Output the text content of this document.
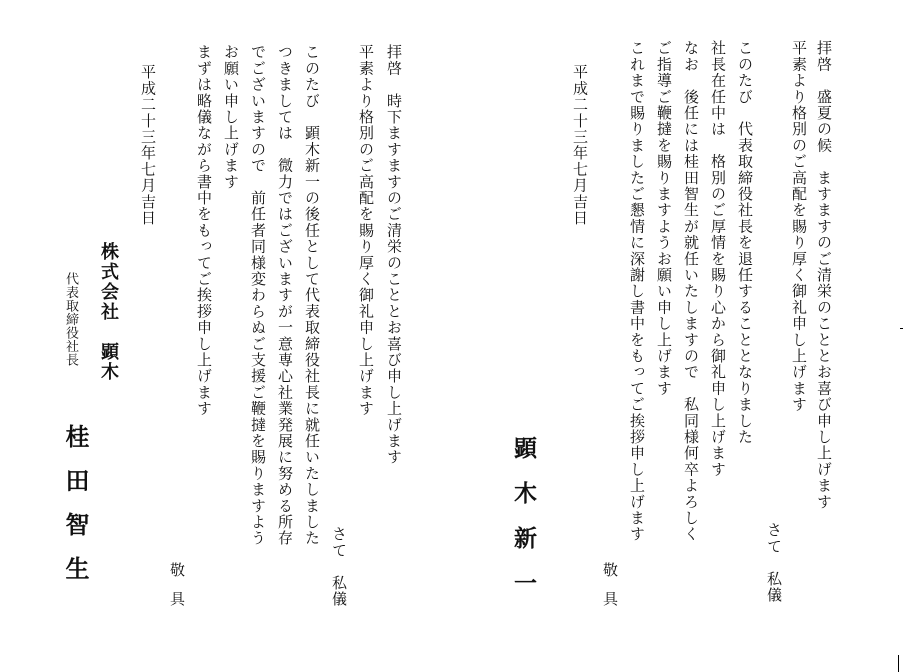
拝啓　盛夏の候　ますますのご清栄のこととお喜び申し上げます
平素より格別のご高配を賜り厚く御礼申し上げます
さて　私儀
このたび　代表取締役社長を退任することとなりました
社長在任中は　格別のご厚情を賜り心から御礼申し上げます
なお　後任には桂田智生が就任いたしますので　私同様何卒よろしく
ご指導ご鞭撻を賜りますようお願い申し上げます
これまで賜りましたご懇情に深謝し書中をもってご挨拶申し上げます
敬具
平成二十三年七月吉日
顕木新一
拝啓　時下ますますのご清栄のこととお喜び申し上げます
平素より格別のご高配を賜り厚く御礼申し上げます
さて　私儀
このたび　顕木新一の後任として代表取締役社長に就任いたしました
つきましては　微力ではございますが一意専心社業発展に努める所存
でございますので　前任者同様変わらぬご支援ご鞭撻を賜りますよう
お願い申し上げます
まずは略儀ながら書中をもってご挨拶申し上げます
敬具
平成二十三年七月吉日
株式会社　顕木
代表取締役社長
桂田智生
